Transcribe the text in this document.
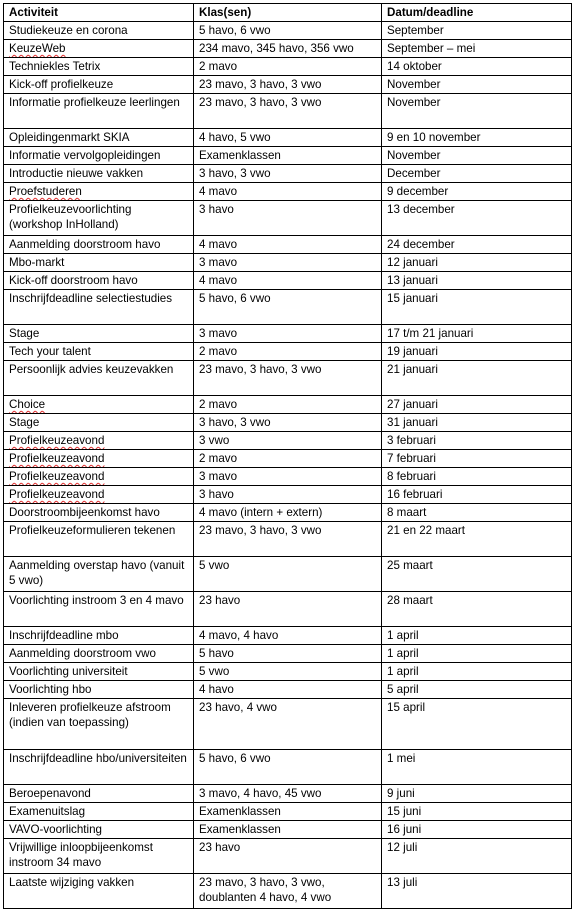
Activiteit	Klas(sen)	Datum/deadline
Studiekeuze en corona	5 havo, 6 vwo	September
KeuzeWeb	234 mavo, 345 havo, 356 vwo	September – mei
Techniekles Tetrix	2 mavo	14 oktober
Kick-off profielkeuze	23 mavo, 3 havo, 3 vwo	November
Informatie profielkeuze leerlingen	23 mavo, 3 havo, 3 vwo	November
Opleidingenmarkt SKIA	4 havo, 5 vwo	9 en 10 november
Informatie vervolgopleidingen	Examenklassen	November
Introductie nieuwe vakken	3 havo, 3 vwo	December
Proefstuderen	4 mavo	9 december
Profielkeuzevoorlichting (workshop InHolland)	3 havo	13 december
Aanmelding doorstroom havo	4 mavo	24 december
Mbo-markt	3 mavo	12 januari
Kick-off doorstroom havo	4 mavo	13 januari
Inschrijfdeadline selectiestudies	5 havo, 6 vwo	15 januari
Stage	3 mavo	17 t/m 21 januari
Tech your talent	2 mavo	19 januari
Persoonlijk advies keuzevakken	23 mavo, 3 havo, 3 vwo	21 januari
Choice	2 mavo	27 januari
Stage	3 havo, 3 vwo	31 januari
Profielkeuzeavond	3 vwo	3 februari
Profielkeuzeavond	2 mavo	7 februari
Profielkeuzeavond	3 mavo	8 februari
Profielkeuzeavond	3 havo	16 februari
Doorstroombijeenkomst havo	4 mavo (intern + extern)	8 maart
Profielkeuzeformulieren tekenen	23 mavo, 3 havo, 3 vwo	21 en 22 maart
Aanmelding overstap havo (vanuit 5 vwo)	5 vwo	25 maart
Voorlichting instroom 3 en 4 mavo	23 havo	28 maart
Inschrijfdeadline mbo	4 mavo, 4 havo	1 april
Aanmelding doorstroom vwo	5 havo	1 april
Voorlichting universiteit	5 vwo	1 april
Voorlichting hbo	4 havo	5 april
Inleveren profielkeuze afstroom (indien van toepassing)	23 havo, 4 vwo	15 april
Inschrijfdeadline hbo/universiteiten	5 havo, 6 vwo	1 mei
Beroepenavond	3 mavo, 4 havo, 45 vwo	9 juni
Examenuitslag	Examenklassen	15 juni
VAVO-voorlichting	Examenklassen	16 juni
Vrijwillige inloopbijeenkomst instroom 34 mavo	23 havo	12 juli
Laatste wijziging vakken	23 mavo, 3 havo, 3 vwo, doublanten 4 havo, 4 vwo	13 juli
